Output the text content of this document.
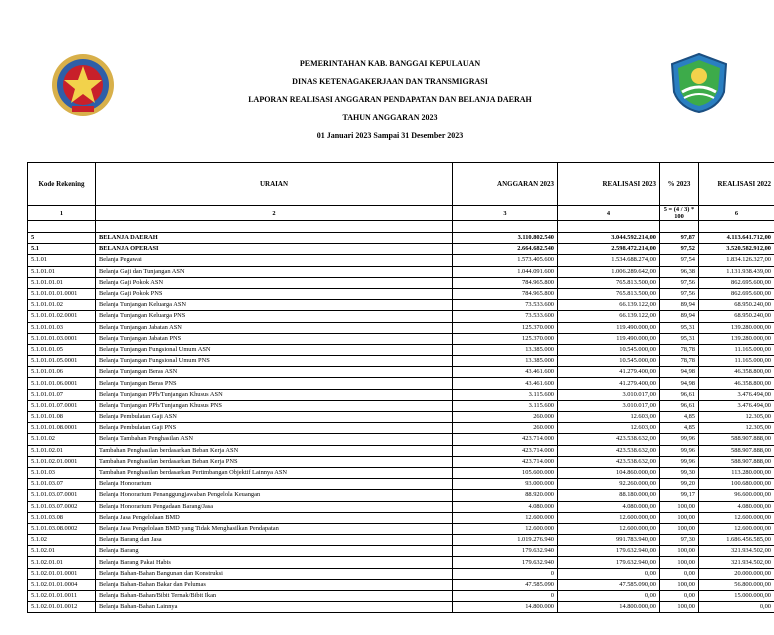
PEMERINTAHAN KAB. BANGGAI KEPULAUAN
DINAS KETENAGAKERJAAN DAN TRANSMIGRASI
LAPORAN REALISASI ANGGARAN PENDAPATAN DAN BELANJA DAERAH
TAHUN ANGGARAN 2023
01 Januari 2023 Sampai 31 Desember 2023
Kode Rekening	URAIAN	ANGGARAN 2023	REALISASI 2023	% 2023	REALISASI 2022
1	2	3	4	5 = (4 / 3) * 100	6

5	BELANJA DAERAH	3.110.802.540	3.044.592.214,00	97,87	4.113.641.712,00
5.1	BELANJA OPERASI	2.664.682.540	2.598.472.214,00	97,52	3.520.582.912,00
5.1.01	Belanja Pegawai	1.573.405.600	1.534.688.274,00	97,54	1.834.126.327,00
5.1.01.01	Belanja Gaji dan Tunjangan ASN	1.044.091.600	1.006.289.642,00	96,38	1.131.938.439,00
5.1.01.01.01	Belanja Gaji Pokok ASN	784.965.800	765.813.500,00	97,56	862.695.600,00
5.1.01.01.01.0001	Belanja Gaji Pokok PNS	784.965.800	765.813.500,00	97,56	862.695.600,00
5.1.01.01.02	Belanja Tunjangan Keluarga ASN	73.533.600	66.139.122,00	89,94	68.950.240,00
5.1.01.01.02.0001	Belanja Tunjangan Keluarga PNS	73.533.600	66.139.122,00	89,94	68.950.240,00
5.1.01.01.03	Belanja Tunjangan Jabatan ASN	125.370.000	119.490.000,00	95,31	139.280.000,00
5.1.01.01.03.0001	Belanja Tunjangan Jabatan PNS	125.370.000	119.490.000,00	95,31	139.280.000,00
5.1.01.01.05	Belanja Tunjangan Fungsional Umum ASN	13.385.000	10.545.000,00	78,78	11.165.000,00
5.1.01.01.05.0001	Belanja Tunjangan Fungsional Umum PNS	13.385.000	10.545.000,00	78,78	11.165.000,00
5.1.01.01.06	Belanja Tunjangan Beras ASN	43.461.600	41.279.400,00	94,98	46.358.800,00
5.1.01.01.06.0001	Belanja Tunjangan Beras PNS	43.461.600	41.279.400,00	94,98	46.358.800,00
5.1.01.01.07	Belanja Tunjangan PPh/Tunjangan Khusus ASN	3.115.600	3.010.017,00	96,61	3.476.494,00
5.1.01.01.07.0001	Belanja Tunjangan PPh/Tunjangan Khusus PNS	3.115.600	3.010.017,00	96,61	3.476.494,00
5.1.01.01.08	Belanja Pembulatan Gaji ASN	260.000	12.603,00	4,85	12.305,00
5.1.01.01.08.0001	Belanja Pembulatan Gaji PNS	260.000	12.603,00	4,85	12.305,00
5.1.01.02	Belanja Tambahan Penghasilan ASN	423.714.000	423.538.632,00	99,96	588.907.888,00
5.1.01.02.01	Tambahan Penghasilan berdasarkan Beban Kerja ASN	423.714.000	423.538.632,00	99,96	588.907.888,00
5.1.01.02.01.0001	Tambahan Penghasilan berdasarkan Beban Kerja PNS	423.714.000	423.538.632,00	99,96	588.907.888,00
5.1.01.03	Tambahan Penghasilan berdasarkan Pertimbangan Objektif Lainnya ASN	105.600.000	104.860.000,00	99,30	113.280.000,00
5.1.01.03.07	Belanja Honorarium	93.000.000	92.260.000,00	99,20	100.680.000,00
5.1.01.03.07.0001	Belanja Honorarium Penanggungjawaban Pengelola Keuangan	88.920.000	88.180.000,00	99,17	96.600.000,00
5.1.01.03.07.0002	Belanja Honorarium Pengadaan Barang/Jasa	4.080.000	4.080.000,00	100,00	4.080.000,00
5.1.01.03.08	Belanja Jasa Pengelolaan BMD	12.600.000	12.600.000,00	100,00	12.600.000,00
5.1.01.03.08.0002	Belanja Jasa Pengelolaan BMD yang Tidak Menghasilkan Pendapatan	12.600.000	12.600.000,00	100,00	12.600.000,00
5.1.02	Belanja Barang dan Jasa	1.019.276.940	991.783.940,00	97,30	1.686.456.585,00
5.1.02.01	Belanja Barang	179.632.940	179.632.940,00	100,00	321.934.502,00
5.1.02.01.01	Belanja Barang Pakai Habis	179.632.940	179.632.940,00	100,00	321.934.502,00
5.1.02.01.01.0001	Belanja Bahan-Bahan Bangunan dan Konstruksi	0	0,00	0,00	20.000.000,00
5.1.02.01.01.0004	Belanja Bahan-Bahan Bakar dan Pelumas	47.585.090	47.585.090,00	100,00	56.800.000,00
5.1.02.01.01.0011	Belanja Bahan-Bahan/Bibit Ternak/Bibit Ikan	0	0,00	0,00	15.000.000,00
5.1.02.01.01.0012	Belanja Bahan-Bahan Lainnya	14.800.000	14.800.000,00	100,00	0,00
